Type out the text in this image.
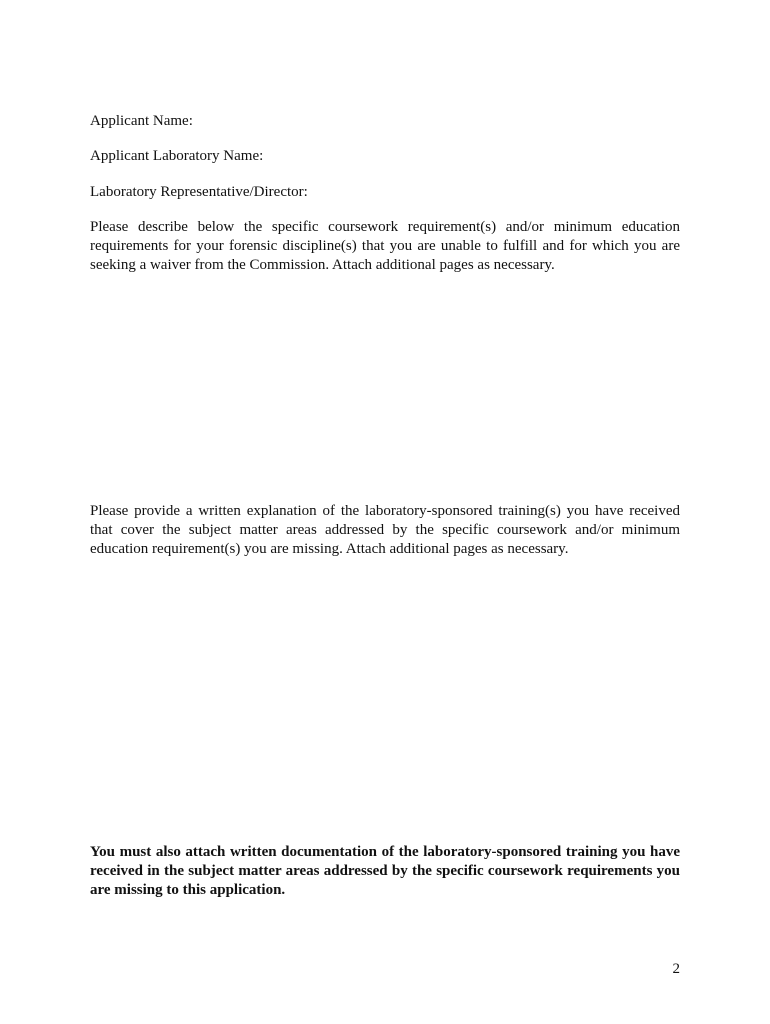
Applicant Name:
Applicant Laboratory Name:
Laboratory Representative/Director:
Please describe below the specific coursework requirement(s) and/or minimum education requirements for your forensic discipline(s) that you are unable to fulfill and for which you are seeking a waiver from the Commission. Attach additional pages as necessary.
Please provide a written explanation of the laboratory-sponsored training(s) you have received that cover the subject matter areas addressed by the specific coursework and/or minimum education requirement(s) you are missing. Attach additional pages as necessary.
You must also attach written documentation of the laboratory-sponsored training you have received in the subject matter areas addressed by the specific coursework requirements you are missing to this application.
2
